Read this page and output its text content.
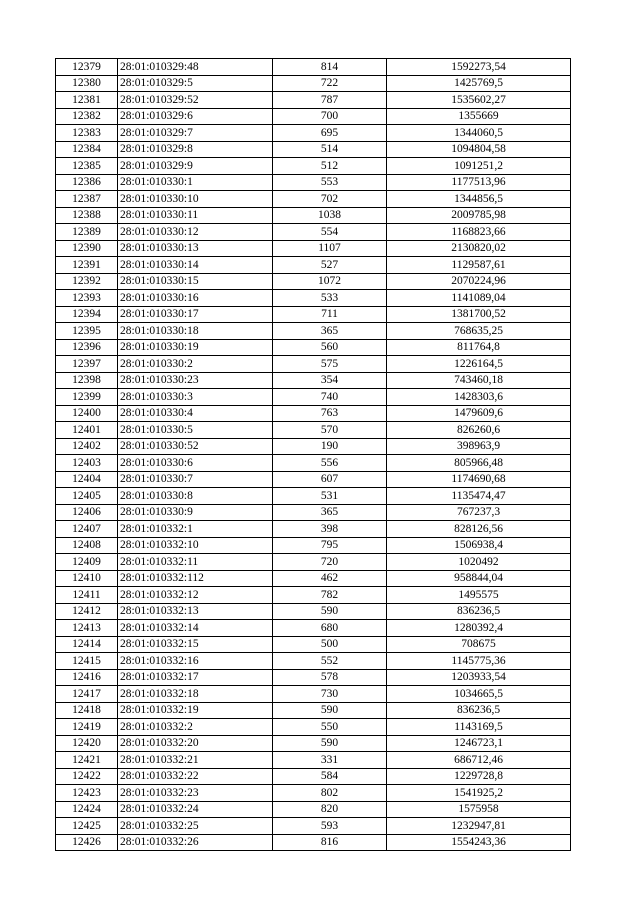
12379	28:01:010329:48	814	1592273,54
12380	28:01:010329:5	722	1425769,5
12381	28:01:010329:52	787	1535602,27
12382	28:01:010329:6	700	1355669
12383	28:01:010329:7	695	1344060,5
12384	28:01:010329:8	514	1094804,58
12385	28:01:010329:9	512	1091251,2
12386	28:01:010330:1	553	1177513,96
12387	28:01:010330:10	702	1344856,5
12388	28:01:010330:11	1038	2009785,98
12389	28:01:010330:12	554	1168823,66
12390	28:01:010330:13	1107	2130820,02
12391	28:01:010330:14	527	1129587,61
12392	28:01:010330:15	1072	2070224,96
12393	28:01:010330:16	533	1141089,04
12394	28:01:010330:17	711	1381700,52
12395	28:01:010330:18	365	768635,25
12396	28:01:010330:19	560	811764,8
12397	28:01:010330:2	575	1226164,5
12398	28:01:010330:23	354	743460,18
12399	28:01:010330:3	740	1428303,6
12400	28:01:010330:4	763	1479609,6
12401	28:01:010330:5	570	826260,6
12402	28:01:010330:52	190	398963,9
12403	28:01:010330:6	556	805966,48
12404	28:01:010330:7	607	1174690,68
12405	28:01:010330:8	531	1135474,47
12406	28:01:010330:9	365	767237,3
12407	28:01:010332:1	398	828126,56
12408	28:01:010332:10	795	1506938,4
12409	28:01:010332:11	720	1020492
12410	28:01:010332:112	462	958844,04
12411	28:01:010332:12	782	1495575
12412	28:01:010332:13	590	836236,5
12413	28:01:010332:14	680	1280392,4
12414	28:01:010332:15	500	708675
12415	28:01:010332:16	552	1145775,36
12416	28:01:010332:17	578	1203933,54
12417	28:01:010332:18	730	1034665,5
12418	28:01:010332:19	590	836236,5
12419	28:01:010332:2	550	1143169,5
12420	28:01:010332:20	590	1246723,1
12421	28:01:010332:21	331	686712,46
12422	28:01:010332:22	584	1229728,8
12423	28:01:010332:23	802	1541925,2
12424	28:01:010332:24	820	1575958
12425	28:01:010332:25	593	1232947,81
12426	28:01:010332:26	816	1554243,36
